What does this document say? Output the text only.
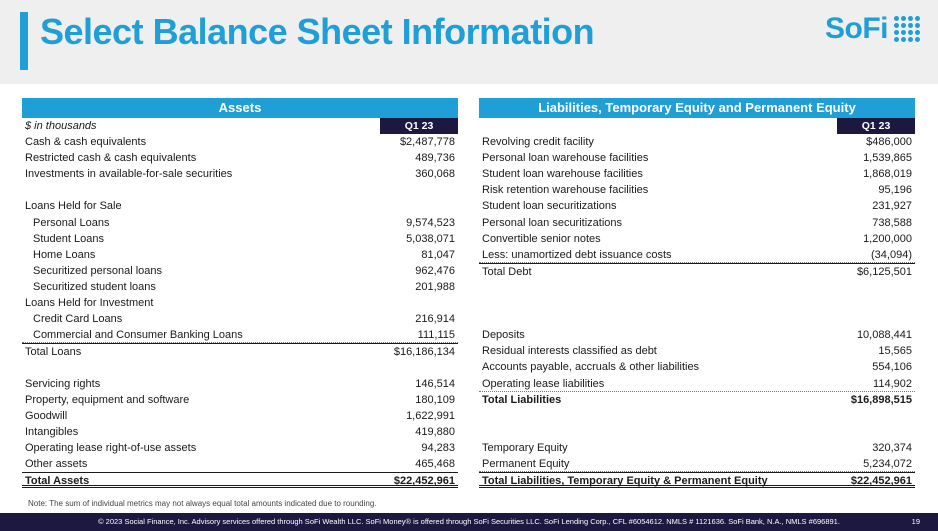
Select Balance Sheet Information	SoFi
Assets
$ in thousands	Q1 23
Cash & cash equivalents	$2,487,778
Restricted cash & cash equivalents	489,736
Investments in available-for-sale securities	360,068
Loans Held for Sale
Personal Loans	9,574,523
Student Loans	5,038,071
Home Loans	81,047
Securitized personal loans	962,476
Securitized student loans	201,988
Loans Held for Investment
Credit Card Loans	216,914
Commercial and Consumer Banking Loans	111,115
Total Loans	$16,186,134
Servicing rights	146,514
Property, equipment and software	180,109
Goodwill	1,622,991
Intangibles	419,880
Operating lease right-of-use assets	94,283
Other assets	465,468
Total Assets	$22,452,961
Liabilities, Temporary Equity and Permanent Equity
Q1 23
Revolving credit facility	$486,000
Personal loan warehouse facilities	1,539,865
Student loan warehouse facilities	1,868,019
Risk retention warehouse facilities	95,196
Student loan securitizations	231,927
Personal loan securitizations	738,588
Convertible senior notes	1,200,000
Less: unamortized debt issuance costs	(34,094)
Total Debt	$6,125,501
Deposits	10,088,441
Residual interests classified as debt	15,565
Accounts payable, accruals & other liabilities	554,106
Operating lease liabilities	114,902
Total Liabilities	$16,898,515
Temporary Equity	320,374
Permanent Equity	5,234,072
Total Liabilities, Temporary Equity & Permanent Equity	$22,452,961
Note: The sum of individual metrics may not always equal total amounts indicated due to rounding.
© 2023 Social Finance, Inc. Advisory services offered through SoFi Wealth LLC. SoFi Money® is offered through SoFi Securities LLC. SoFi Lending Corp., CFL #6054612. NMLS # 1121636. SoFi Bank, N.A., NMLS #696891.	19
